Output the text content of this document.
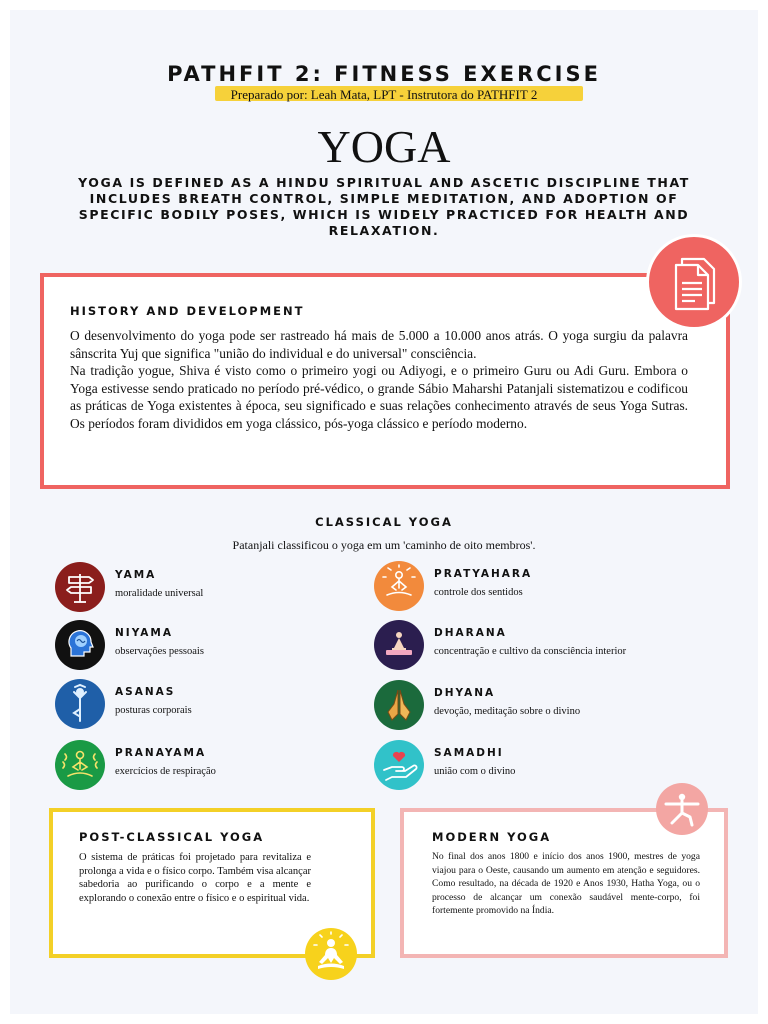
PATHFIT 2: FITNESS EXERCISE
Preparado por: Leah Mata, LPT - Instrutora do PATHFIT 2
YOGA
YOGA IS DEFINED AS A HINDU SPIRITUAL AND ASCETIC DISCIPLINE THAT INCLUDES BREATH CONTROL, SIMPLE MEDITATION, AND ADOPTION OF SPECIFIC BODILY POSES, WHICH IS WIDELY PRACTICED FOR HEALTH AND RELAXATION.
HISTORY AND DEVELOPMENT

O desenvolvimento do yoga pode ser rastreado há mais de 5.000 a 10.000 anos atrás. O yoga surgiu da palavra sânscrita Yuj que significa "união do individual e do universal" consciência.

Na tradição yogue, Shiva é visto como o primeiro yogi ou Adiyogi, e o primeiro Guru ou Adi Guru. Embora o Yoga estivesse sendo praticado no período pré-védico, o grande Sábio Maharshi Patanjali sistematizou e codificou as práticas de Yoga existentes à época, seu significado e suas relações conhecimento através de seus Yoga Sutras. Os períodos foram divididos em yoga clássico, pós-yoga clássico e período moderno.

CLASSICAL YOGA
Patanjali classificou o yoga em um 'caminho de oito membros'.
YAMA
moralidade universal
NIYAMA
observações pessoais
ASANAS
posturas corporais
PRANAYAMA
exercícios de respiração
PRATYAHARA
controle dos sentidos
DHARANA
concentração e cultivo da consciência interior
DHYANA
devoção, meditação sobre o divino
SAMADHI
união com o divino
POST-CLASSICAL YOGA
O sistema de práticas foi projetado para revitaliza e prolonga a vida e o físico corpo. Também visa alcançar sabedoria ao purificando o corpo e a mente e explorando o conexão entre o físico e o espiritual vida.
MODERN YOGA
No final dos anos 1800 e início dos anos 1900, mestres de yoga viajou para o Oeste, causando um aumento em atenção e seguidores. Como resultado, na década de 1920 e Anos 1930, Hatha Yoga, ou o processo de alcançar um conexão saudável mente-corpo, foi fortemente promovido na Índia.
